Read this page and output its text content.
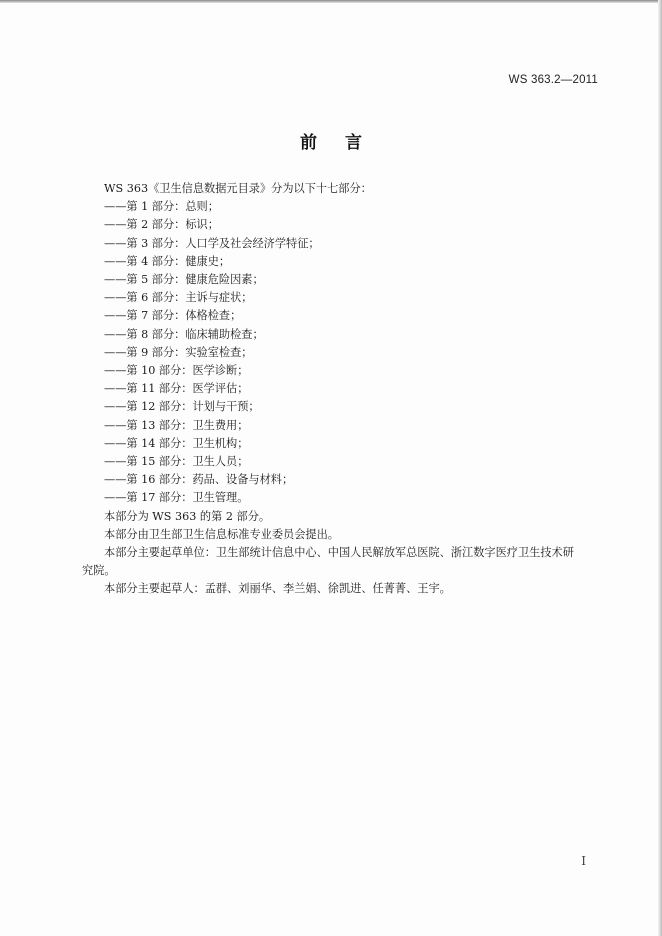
WS 363.2—2011
前言
WS 363《卫生信息数据元目录》分为以下十七部分：
——第 1 部分：总则；
——第 2 部分：标识；
——第 3 部分：人口学及社会经济学特征；
——第 4 部分：健康史；
——第 5 部分：健康危险因素；
——第 6 部分：主诉与症状；
——第 7 部分：体格检查；
——第 8 部分：临床辅助检查；
——第 9 部分：实验室检查；
——第 10 部分：医学诊断；
——第 11 部分：医学评估；
——第 12 部分：计划与干预；
——第 13 部分：卫生费用；
——第 14 部分：卫生机构；
——第 15 部分：卫生人员；
——第 16 部分：药品、设备与材料；
——第 17 部分：卫生管理。
本部分为 WS 363 的第 2 部分。
本部分由卫生部卫生信息标准专业委员会提出。
本部分主要起草单位：卫生部统计信息中心、中国人民解放军总医院、浙江数字医疗卫生技术研
究院。
本部分主要起草人：孟群、刘丽华、李兰娟、徐凯进、任菁菁、王宇。
I
